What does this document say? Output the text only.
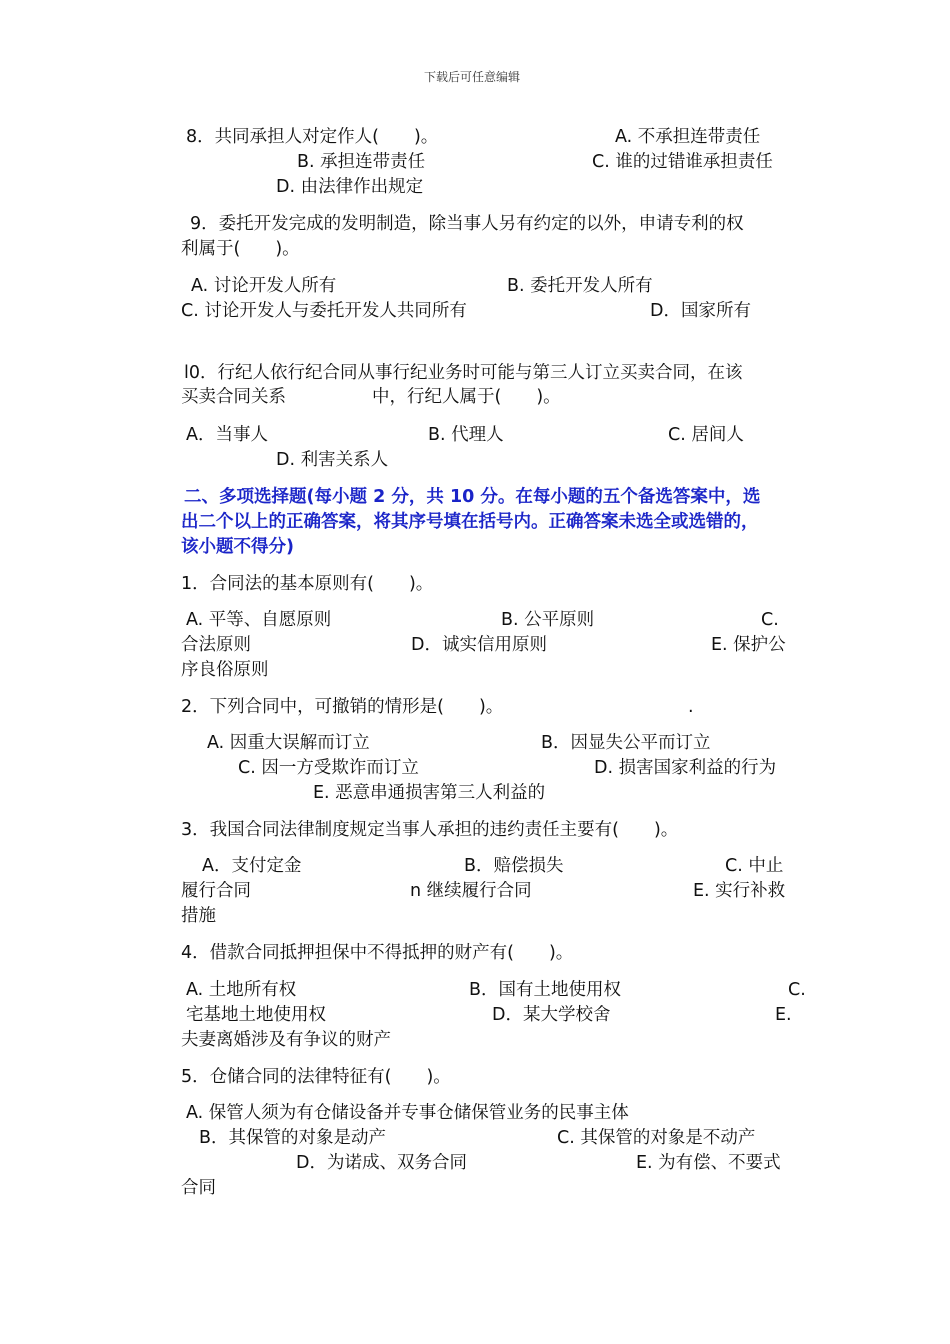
下载后可任意编辑
8．共同承担人对定作人(　　)。	A. 不承担连带责任
B. 承担连带责任	C. 谁的过错谁承担责任
D. 由法律作出规定
9．委托开发完成的发明制造，除当事人另有约定的以外，申请专利的权
利属于(　　)。
A. 讨论开发人所有	B. 委托开发人所有
C. 讨论开发人与委托开发人共同所有	D．国家所有
l0．行纪人依行纪合同从事行纪业务时可能与第三人订立买卖合同，在该
买卖合同关系	中，行纪人属于(　　)。
A．当事人	B. 代理人	C. 居间人
D. 利害关系人
二、多项选择题(每小题 2 分，共 10 分。在每小题的五个备选答案中，选
出二个以上的正确答案，将其序号填在括号内。正确答案未选全或选错的，
该小题不得分)
1．合同法的基本原则有(　　)。
A. 平等、自愿原则	B. 公平原则	C.
合法原则	D．诚实信用原则	E. 保护公
序良俗原则
2．下列合同中，可撤销的情形是(　　)。	.
A. 因重大误解而订立	B．因显失公平而订立
C. 因一方受欺诈而订立	D. 损害国家利益的行为
E. 恶意串通损害第三人利益的
3．我国合同法律制度规定当事人承担的违约责任主要有(　　)。
A．支付定金	B．赔偿损失	C. 中止
履行合同	n 继续履行合同	E. 实行补救
措施
4．借款合同抵押担保中不得抵押的财产有(　　)。
A. 土地所有权	B．国有土地使用权	C.
宅基地土地使用权	D．某大学校舍	E.
夫妻离婚涉及有争议的财产
5．仓储合同的法律特征有(　　)。
A. 保管人须为有仓储设备并专事仓储保管业务的民事主体
B．其保管的对象是动产	C. 其保管的对象是不动产
D．为诺成、双务合同	E. 为有偿、不要式
合同
